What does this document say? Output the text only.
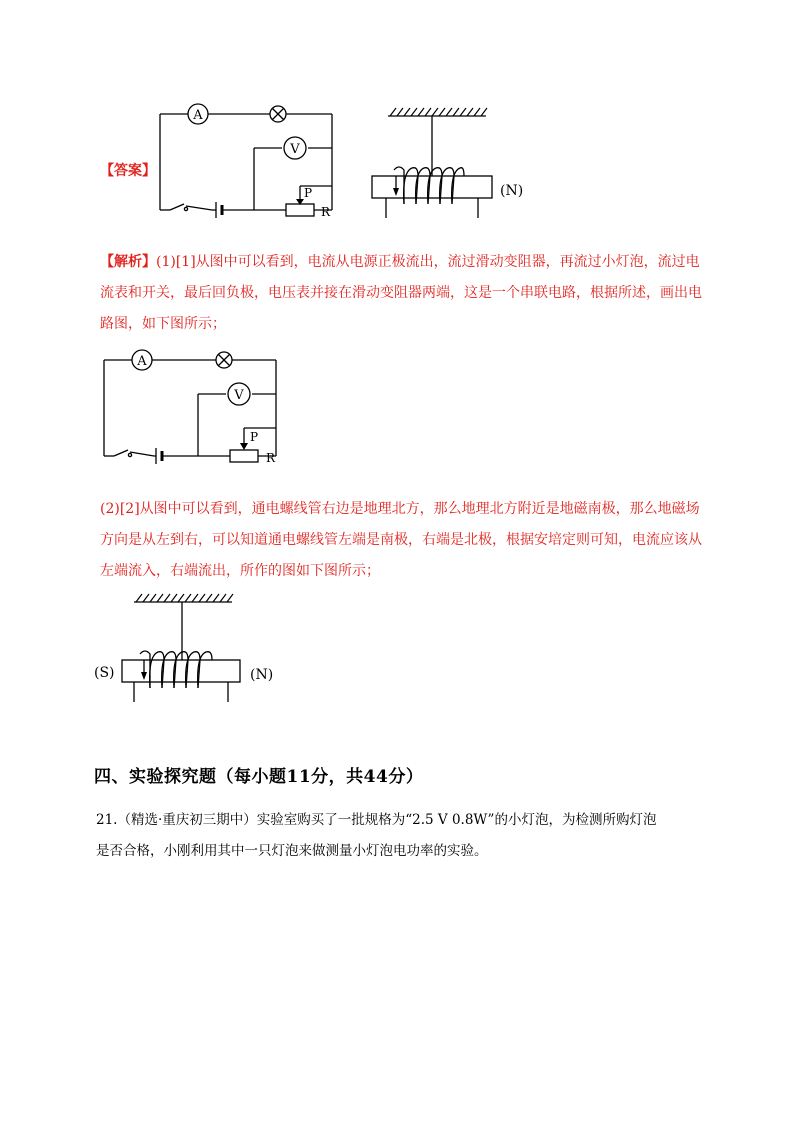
【答案】
A
V
P
R
(N)
【解析】(1)[1]从图中可以看到，电流从电源正极流出，流过滑动变阻器，再流过小灯泡，流过电
流表和开关，最后回负极，电压表并接在滑动变阻器两端，这是一个串联电路，根据所述，画出电
路图，如下图所示；
A
V
P
R
(2)[2]从图中可以看到，通电螺线管右边是地理北方，那么地理北方附近是地磁南极，那么地磁场
方向是从左到右，可以知道通电螺线管左端是南极，右端是北极，根据安培定则可知，电流应该从
左端流入，右端流出，所作的图如下图所示；
(S)	(N)
四、实验探究题（每小题11分，共44分）
21.（精选·重庆初三期中）实验室购买了一批规格为“2.5 V 0.8W”的小灯泡，为检测所购灯泡
是否合格，小刚利用其中一只灯泡来做测量小灯泡电功率的实验。
